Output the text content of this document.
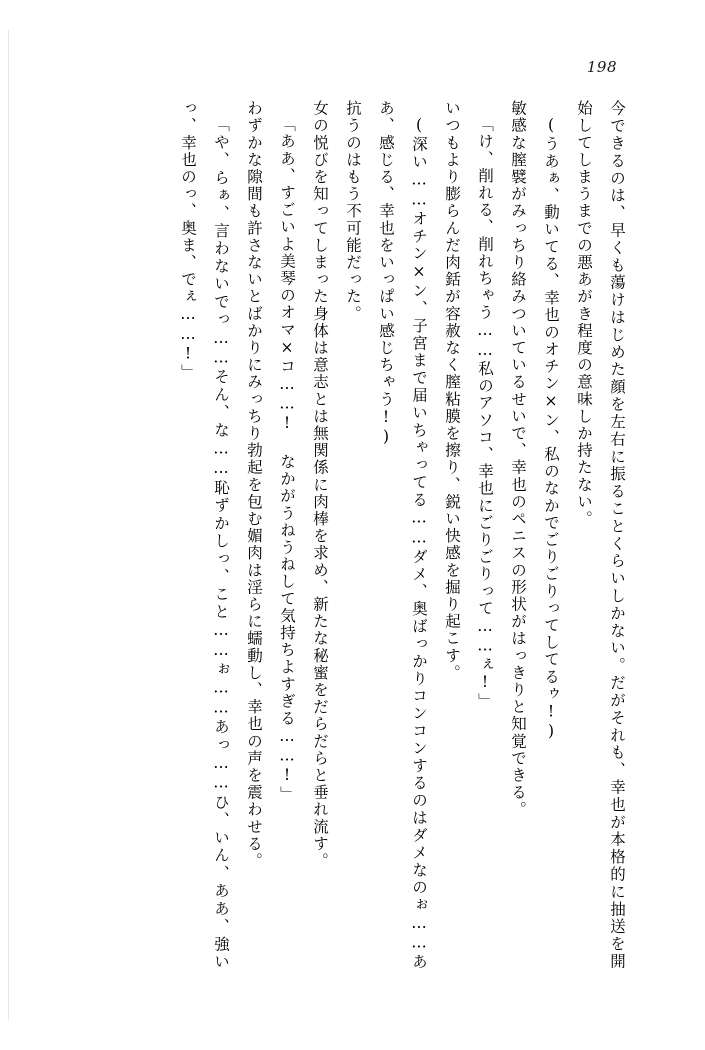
198

今できるのは、早くも蕩けはじめた顔を左右に振ることくらいしかない。だがそれも、幸也が本格的に抽送を開始してしまうまでの悪あがき程度の意味しか持たない。

(うあぁ、動いてる、幸也のオチン×ン、私のなかでごりごりってしてるゥ!)

敏感な膣襞がみっちり絡みついているせいで、幸也のペニスの形状がはっきりと知覚できる。

「け、削れる、削れちゃう……私のアソコ、幸也にごりごりって……ぇ!」

いつもより膨らんだ肉銛が容赦なく膣粘膜を擦り、鋭い快感を掘り起こす。

(深い……オチン×ン、子宮まで届いちゃってる……ダメ、奥ばっかりコンコンするのはダメなのぉ……ああ、感じる、幸也をいっぱい感じちゃう!)

抗うのはもう不可能だった。

女の悦びを知ってしまった身体は意志とは無関係に肉棒を求め、新たな秘蜜をだらだらと垂れ流す。

「ああ、すごいよ美琴のオマ×コ……! なかがうねうねして気持ちよすぎる……!」

わずかな隙間も許さないとばかりにみっちり勃起を包む媚肉は淫らに蠕動し、幸也の声を震わせる。

「や、らぁ、言わないでっ……そん、な……恥ずかしっ、こと……ぉ……あっ……ひ、いん、ああ、強いっ、幸也のっ、奥ま、でぇ……!」
